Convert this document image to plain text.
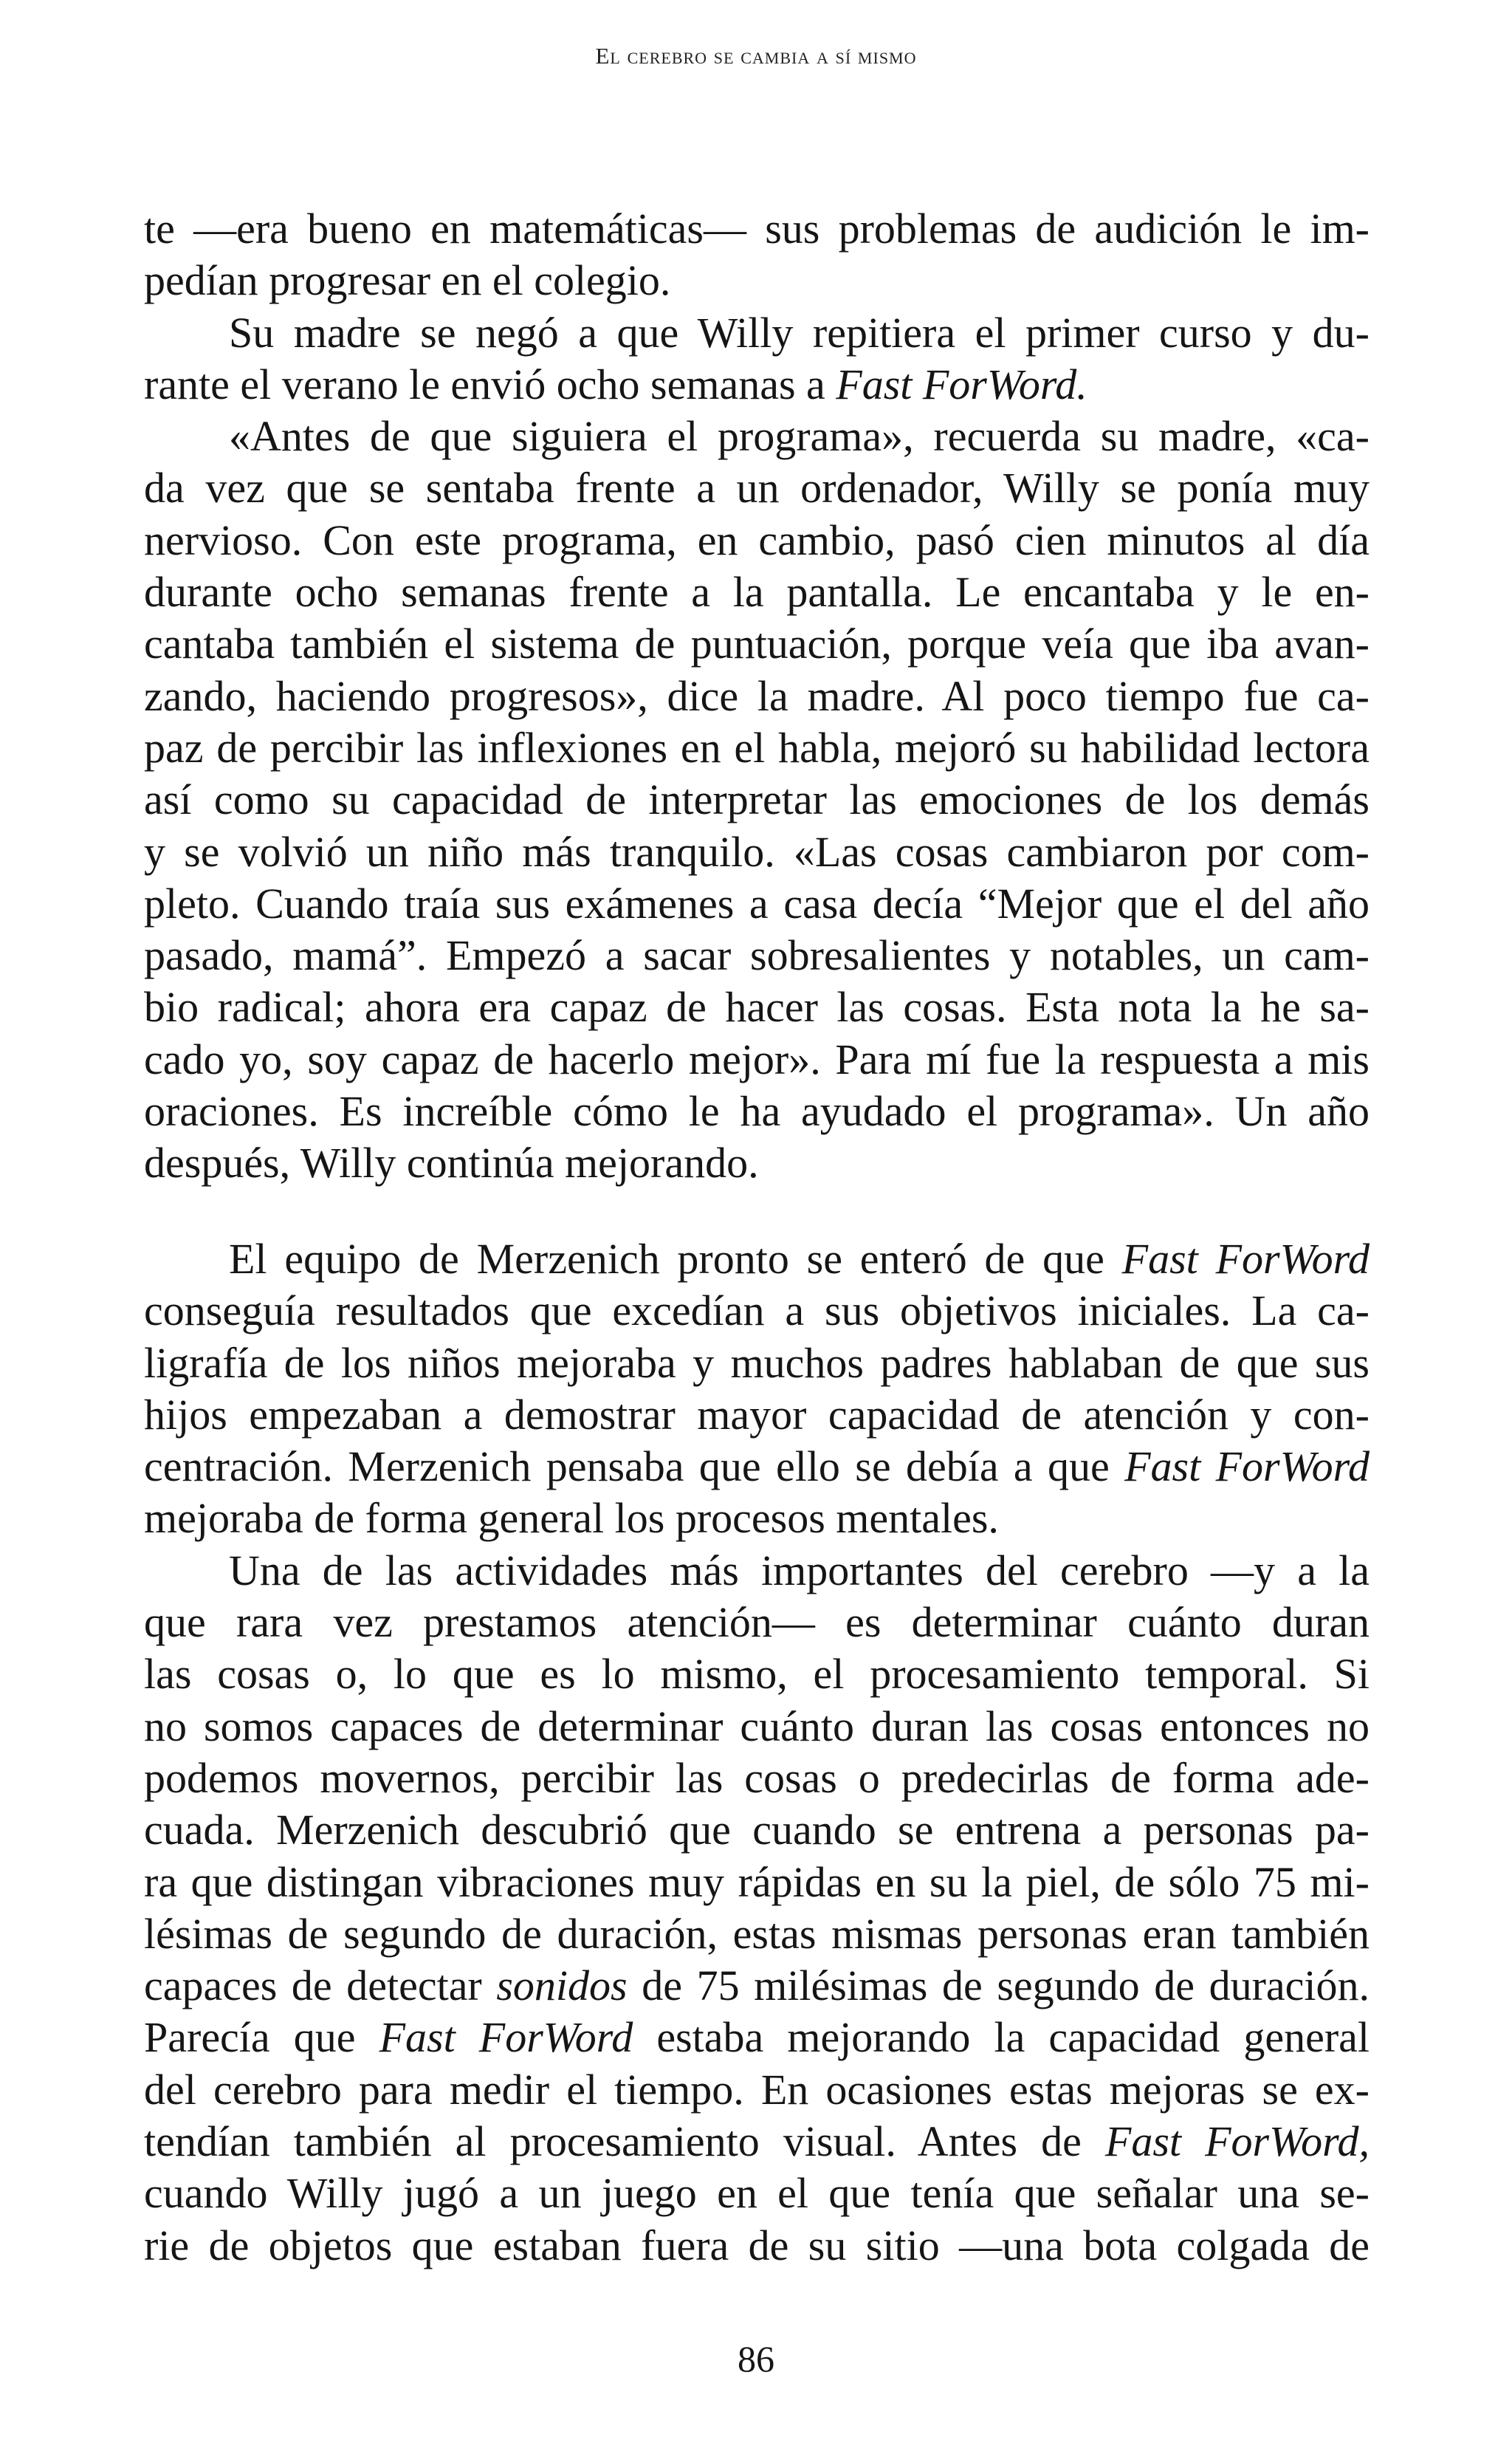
El cerebro se cambia a sí mismo
te —era bueno en matemáticas— sus problemas de audición le im-
pedían progresar en el colegio.
Su madre se negó a que Willy repitiera el primer curso y du-
rante el verano le envió ocho semanas a Fast ForWord.
«Antes de que siguiera el programa», recuerda su madre, «ca-
da vez que se sentaba frente a un ordenador, Willy se ponía muy
nervioso. Con este programa, en cambio, pasó cien minutos al día
durante ocho semanas frente a la pantalla. Le encantaba y le en-
cantaba también el sistema de puntuación, porque veía que iba avan-
zando, haciendo progresos», dice la madre. Al poco tiempo fue ca-
paz de percibir las inflexiones en el habla, mejoró su habilidad lectora
así como su capacidad de interpretar las emociones de los demás
y se volvió un niño más tranquilo. «Las cosas cambiaron por com-
pleto. Cuando traía sus exámenes a casa decía “Mejor que el del año
pasado, mamá”. Empezó a sacar sobresalientes y notables, un cam-
bio radical; ahora era capaz de hacer las cosas. Esta nota la he sa-
cado yo, soy capaz de hacerlo mejor». Para mí fue la respuesta a mis
oraciones. Es increíble cómo le ha ayudado el programa». Un año
después, Willy continúa mejorando.
El equipo de Merzenich pronto se enteró de que Fast ForWord
conseguía resultados que excedían a sus objetivos iniciales. La ca-
ligrafía de los niños mejoraba y muchos padres hablaban de que sus
hijos empezaban a demostrar mayor capacidad de atención y con-
centración. Merzenich pensaba que ello se debía a que Fast ForWord
mejoraba de forma general los procesos mentales.
Una de las actividades más importantes del cerebro —y a la
que rara vez prestamos atención— es determinar cuánto duran
las cosas o, lo que es lo mismo, el procesamiento temporal. Si
no somos capaces de determinar cuánto duran las cosas entonces no
podemos movernos, percibir las cosas o predecirlas de forma ade-
cuada. Merzenich descubrió que cuando se entrena a personas pa-
ra que distingan vibraciones muy rápidas en su la piel, de sólo 75 mi-
lésimas de segundo de duración, estas mismas personas eran también
capaces de detectar sonidos de 75 milésimas de segundo de duración.
Parecía que Fast ForWord estaba mejorando la capacidad general
del cerebro para medir el tiempo. En ocasiones estas mejoras se ex-
tendían también al procesamiento visual. Antes de Fast ForWord,
cuando Willy jugó a un juego en el que tenía que señalar una se-
rie de objetos que estaban fuera de su sitio —una bota colgada de
86
